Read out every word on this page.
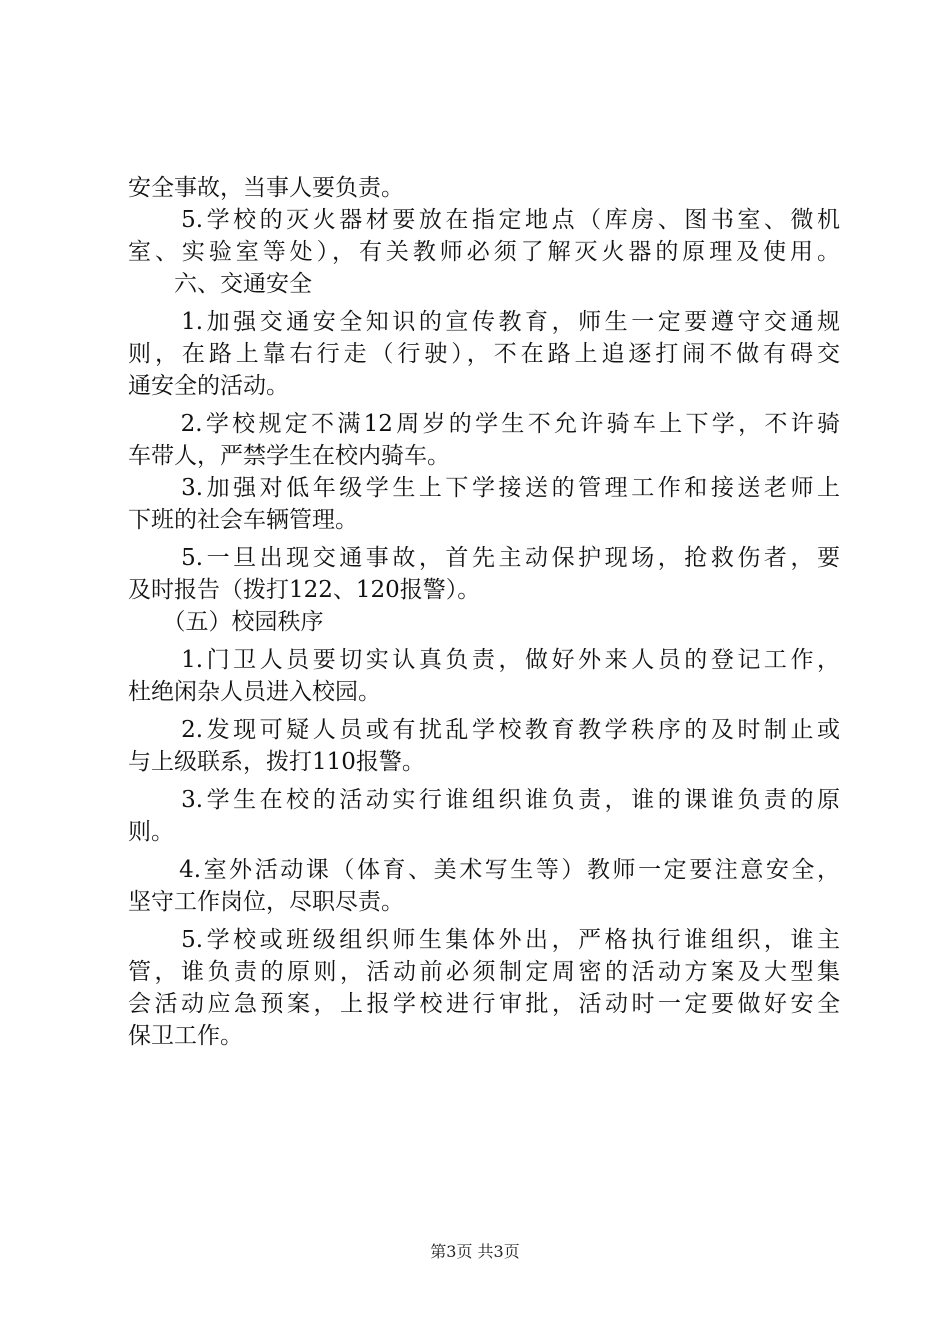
安全事故，当事人要负责。
　　5.学校的灭火器材要放在指定地点（库房、图书室、微机
室、实验室等处），有关教师必须了解灭火器的原理及使用。
　　六、交通安全
　　1.加强交通安全知识的宣传教育，师生一定要遵守交通规
则，在路上靠右行走（行驶），不在路上追逐打闹不做有碍交
通安全的活动。
　　2.学校规定不满12周岁的学生不允许骑车上下学，不许骑
车带人，严禁学生在校内骑车。
　　3.加强对低年级学生上下学接送的管理工作和接送老师上
下班的社会车辆管理。
　　5.一旦出现交通事故，首先主动保护现场，抢救伤者，要
及时报告（拨打122、120报警）。
　　（五）校园秩序
　　1.门卫人员要切实认真负责，做好外来人员的登记工作，
杜绝闲杂人员进入校园。
　　2.发现可疑人员或有扰乱学校教育教学秩序的及时制止或
与上级联系，拨打110报警。
　　3.学生在校的活动实行谁组织谁负责，谁的课谁负责的原
则。
　　4.室外活动课（体育、美术写生等）教师一定要注意安全，
坚守工作岗位，尽职尽责。
　　5.学校或班级组织师生集体外出，严格执行谁组织，谁主
管，谁负责的原则，活动前必须制定周密的活动方案及大型集
会活动应急预案，上报学校进行审批，活动时一定要做好安全
保卫工作。
第3页 共3页
